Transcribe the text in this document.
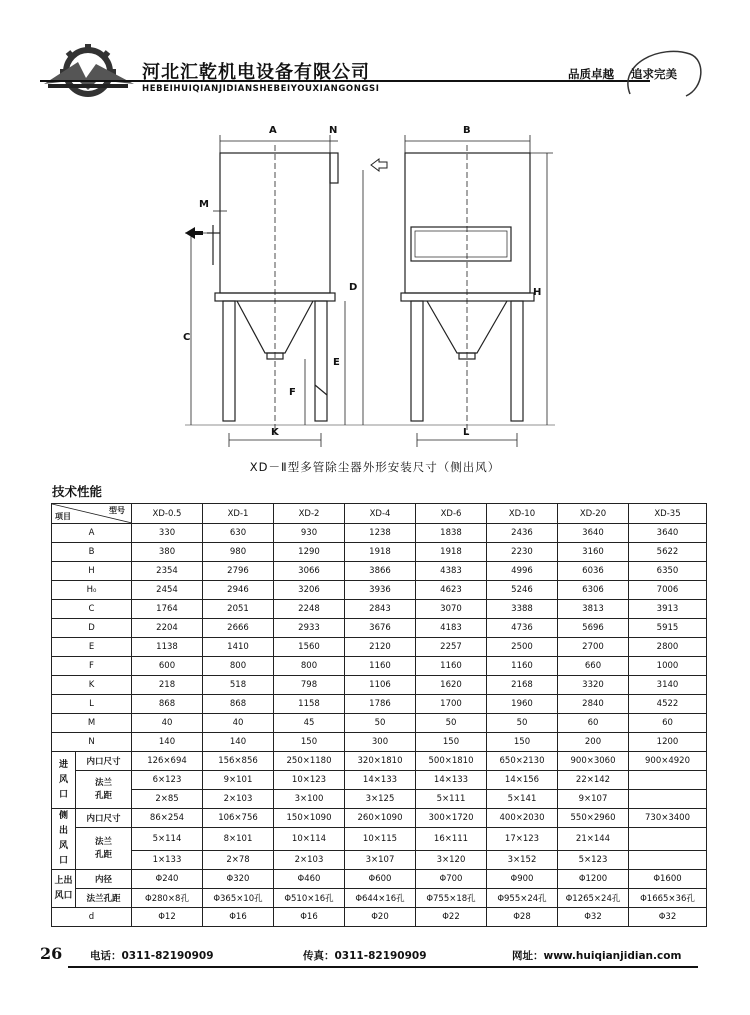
河北汇乾机电设备有限公司
HEBEIHUIQIANJIDIANSHEBEIYOUXIANGONGSI
品质卓越 追求完美
A	N	B
M
C
D
E
F
H
K	L
XD－Ⅱ型多管除尘器外形安装尺寸（侧出风）
技术性能
型号
项目		XD-0.5	XD-1	XD-2	XD-4	XD-6	XD-10	XD-20	XD-35
A		330	630	930	1238	1838	2436	3640	3640
B		380	980	1290	1918	1918	2230	3160	5622
H		2354	2796	3066	3866	4383	4996	6036	6350
H₀		2454	2946	3206	3936	4623	5246	6306	7006
C		1764	2051	2248	2843	3070	3388	3813	3913
D		2204	2666	2933	3676	4183	4736	5696	5915
E		1138	1410	1560	2120	2257	2500	2700	2800
F		600	800	800	1160	1160	1160	660	1000
K		218	518	798	1106	1620	2168	3320	3140
L		868	868	1158	1786	1700	1960	2840	4522
M		40	40	45	50	50	50	60	60
N		140	140	150	300	150	150	200	1200

进
风
口	内口尺寸	126×694	156×856	250×1180	320×1810	500×1810	650×2130	900×3060	900×4920

	法兰
孔距	6×123	9×101	10×123	14×133	14×133	14×156	22×142	
		2×85	2×103	3×100	3×125	5×111	5×141	9×107	

侧
出
风
口	内口尺寸	86×254	106×756	150×1090	260×1090	300×1720	400×2030	550×2960	730×3400

	法兰
孔距	5×114	8×101	10×114	10×115	16×111	17×123	21×144	
		1×133	2×78	2×103	3×107	3×120	3×152	5×123	

上出
风口	内径	Φ240	Φ320	Φ460	Φ600	Φ700	Φ900	Φ1200	Φ1600
	法兰孔距	Φ280×8孔	Φ365×10孔	Φ510×16孔	Φ644×16孔	Φ755×18孔	Φ955×24孔	Φ1265×24孔	Φ1665×36孔
d		Φ12	Φ16	Φ16	Φ20	Φ22	Φ28	Φ32	Φ32
26	电话：0311-82190909	传真：0311-82190909	网址：www.huiqianjidian.com
